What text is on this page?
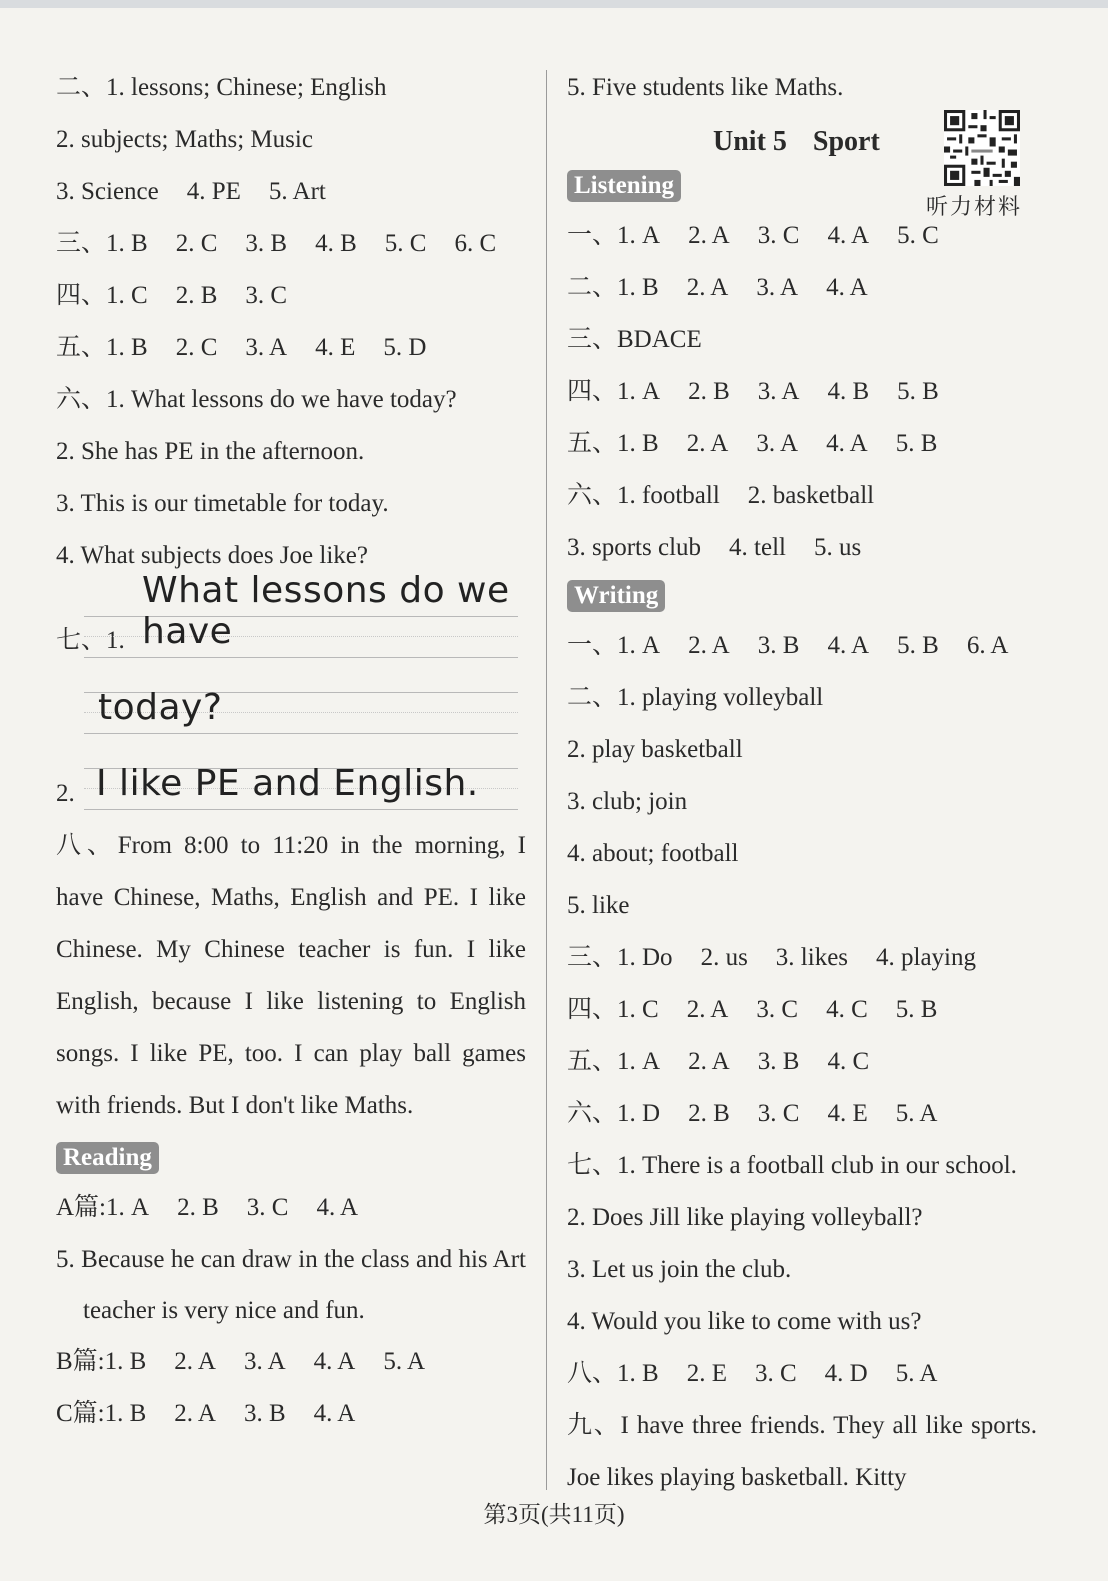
二、1. lessons; Chinese; English
2. subjects; Maths; Music
3. Science 4. PE 5. Art
三、1. B 2. C 3. B 4. B 5. C 6. C
四、1. C 2. B 3. C
五、1. B 2. C 3. A 4. E 5. D
六、1. What lessons do we have today?
2. She has PE in the afternoon.
3. This is our timetable for today.
4. What subjects does Joe like?
七、1.
What lessons do we have
today?
2. I like PE and English.
八、From 8:00 to 11:20 in the morning, I have Chinese, Maths, English and PE. I like Chinese. My Chinese teacher is fun. I like English, because I like listening to English songs. I like PE, too. I can play ball games with friends. But I don't like Maths.
Reading
A篇:1. A 2. B 3. C 4. A
5. Because he can draw in the class and his Art teacher is very nice and fun.
B篇:1. B 2. A 3. A 4. A 5. A
C篇:1. B 2. A 3. B 4. A
5. Five students like Maths.
Unit 5 Sport
Listening
一、1. A 2. A 3. C 4. A 5. C
二、1. B 2. A 3. A 4. A
三、BDACE
四、1. A 2. B 3. A 4. B 5. B
五、1. B 2. A 3. A 4. A 5. B
六、1. football 2. basketball
3. sports club 4. tell 5. us
Writing
一、1. A 2. A 3. B 4. A 5. B 6. A
二、1. playing volleyball
2. play basketball
3. club; join
4. about; football
5. like
三、1. Do 2. us 3. likes 4. playing
四、1. C 2. A 3. C 4. C 5. B
五、1. A 2. A 3. B 4. C
六、1. D 2. B 3. C 4. E 5. A
七、1. There is a football club in our school.
2. Does Jill like playing volleyball?
3. Let us join the club.
4. Would you like to come with us?
八、1. B 2. E 3. C 4. D 5. A
九、I have three friends. They all like sports. Joe likes playing basketball. Kitty
听力材料
第3页(共11页)
